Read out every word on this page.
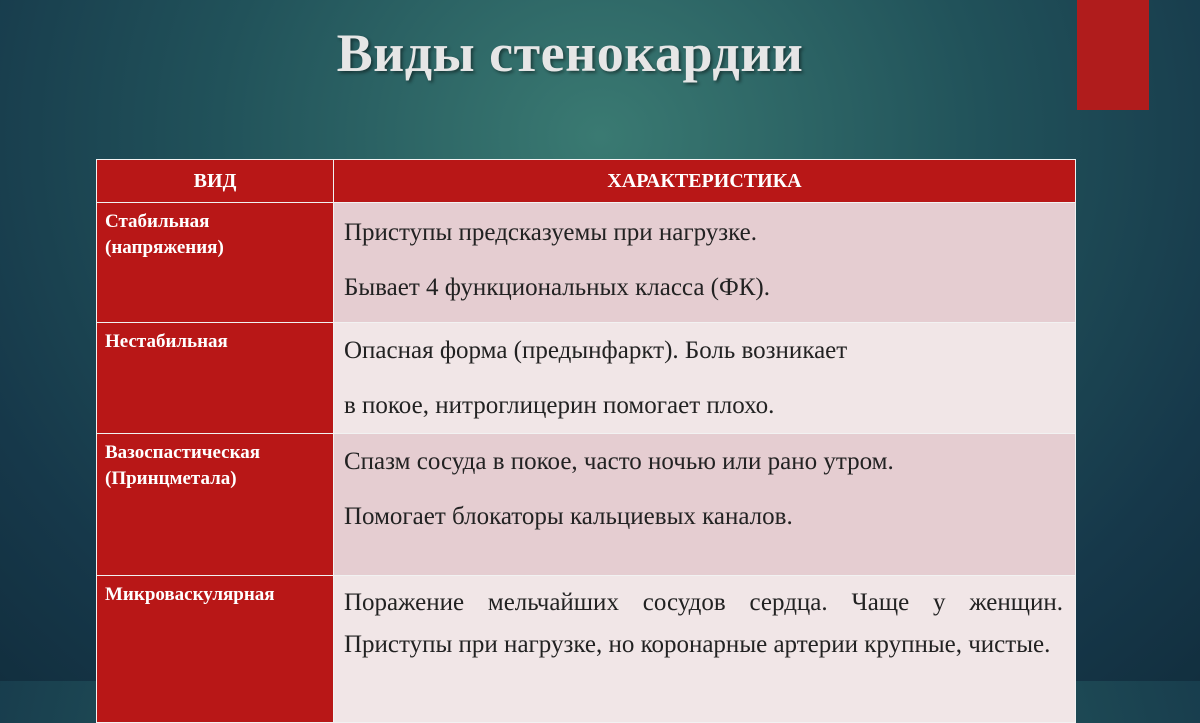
Виды стенокардии
ВИД	ХАРАКТЕРИСТИКА

Стабильная
(напряжения)	Приступы предсказуемы при нагрузке.
Бывает 4 функциональных класса (ФК).

Нестабильная	Опасная форма (предынфаркт). Боль возникает
в покое, нитроглицерин помогает плохо.

Вазоспастическая
(Принцметала)	Спазм сосуда в покое, часто ночью или рано утром.
Помогает блокаторы кальциевых каналов.

Микроваскулярная	Поражение мельчайших сосудов сердца. Чаще у женщин. Приступы при нагрузке, но коронарные артерии крупные, чистые.
